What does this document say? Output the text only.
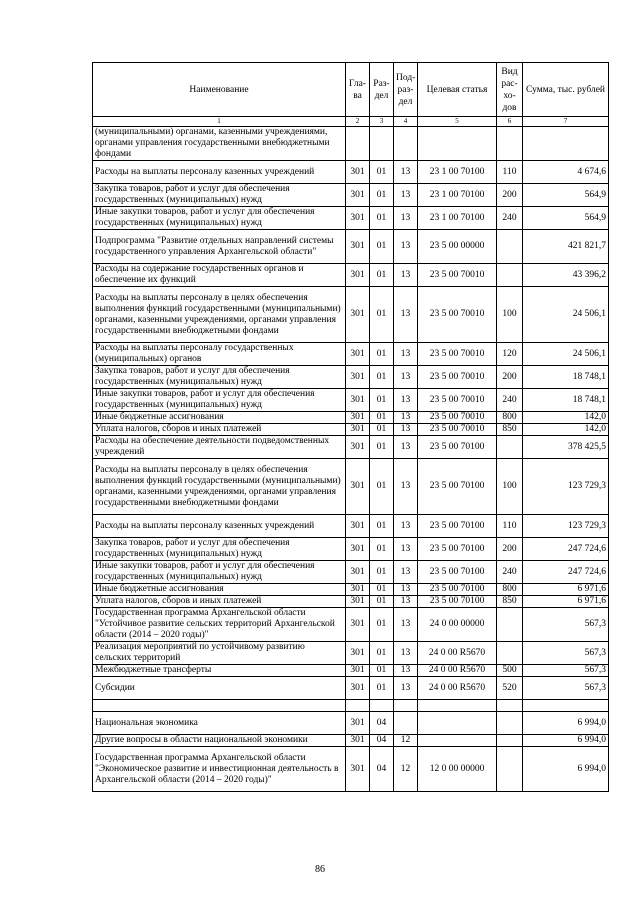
Наименование	Гла-ва	Раз-дел	Под-раз-дел	Целевая статья	Вид рас-хо-дов	Сумма, тыс. рублей
1	2	3	4	5	6	7
(муниципальными) органами, казенными учреждениями, органами управления государственными внебюджетными фондами						
Расходы на выплаты персоналу казенных учреждений	301	01	13	23 1 00 70100	110	4 674,6
Закупка товаров, работ и услуг для обеспечения государственных (муниципальных) нужд	301	01	13	23 1 00 70100	200	564,9
Иные закупки товаров, работ и услуг для обеспечения государственных (муниципальных) нужд	301	01	13	23 1 00 70100	240	564,9
Подпрограмма "Развитие отдельных направлений системы государственного управления Архангельской области"	301	01	13	23 5 00 00000		421 821,7
Расходы на содержание государственных органов и обеспечение их функций	301	01	13	23 5 00 70010		43 396,2
Расходы на выплаты персоналу в целях обеспечения выполнения функций государственными (муниципальными) органами, казенными учреждениями, органами управления государственными внебюджетными фондами	301	01	13	23 5 00 70010	100	24 506,1
Расходы на выплаты персоналу государственных (муниципальных) органов	301	01	13	23 5 00 70010	120	24 506,1
Закупка товаров, работ и услуг для обеспечения государственных (муниципальных) нужд	301	01	13	23 5 00 70010	200	18 748,1
Иные закупки товаров, работ и услуг для обеспечения государственных (муниципальных) нужд	301	01	13	23 5 00 70010	240	18 748,1
Иные бюджетные ассигнования	301	01	13	23 5 00 70010	800	142,0
Уплата налогов, сборов и иных платежей	301	01	13	23 5 00 70010	850	142,0
Расходы на обеспечение деятельности подведомственных учреждений	301	01	13	23 5 00 70100		378 425,5
Расходы на выплаты персоналу в целях обеспечения выполнения функций государственными (муниципальными) органами, казенными учреждениями, органами управления государственными внебюджетными фондами	301	01	13	23 5 00 70100	100	123 729,3
Расходы на выплаты персоналу казенных учреждений	301	01	13	23 5 00 70100	110	123 729,3
Закупка товаров, работ и услуг для обеспечения государственных (муниципальных) нужд	301	01	13	23 5 00 70100	200	247 724,6
Иные закупки товаров, работ и услуг для обеспечения государственных (муниципальных) нужд	301	01	13	23 5 00 70100	240	247 724,6
Иные бюджетные ассигнования	301	01	13	23 5 00 70100	800	6 971,6
Уплата налогов, сборов и иных платежей	301	01	13	23 5 00 70100	850	6 971,6
Государственная программа Архангельской области "Устойчивое развитие сельских территорий Архангельской области (2014 – 2020 годы)"	301	01	13	24 0 00 00000		567,3
Реализация мероприятий по устойчивому развитию сельских территорий	301	01	13	24 0 00 R5670		567,3
Межбюджетные трансферты	301	01	13	24 0 00 R5670	500	567,3
Субсидии	301	01	13	24 0 00 R5670	520	567,3

Национальная экономика	301	04				6 994,0
Другие вопросы в области национальной экономики	301	04	12			6 994,0
Государственная программа Архангельской области "Экономическое развитие и инвестиционная деятельность в Архангельской области (2014 – 2020 годы)"	301	04	12	12 0 00 00000		6 994,0
86
